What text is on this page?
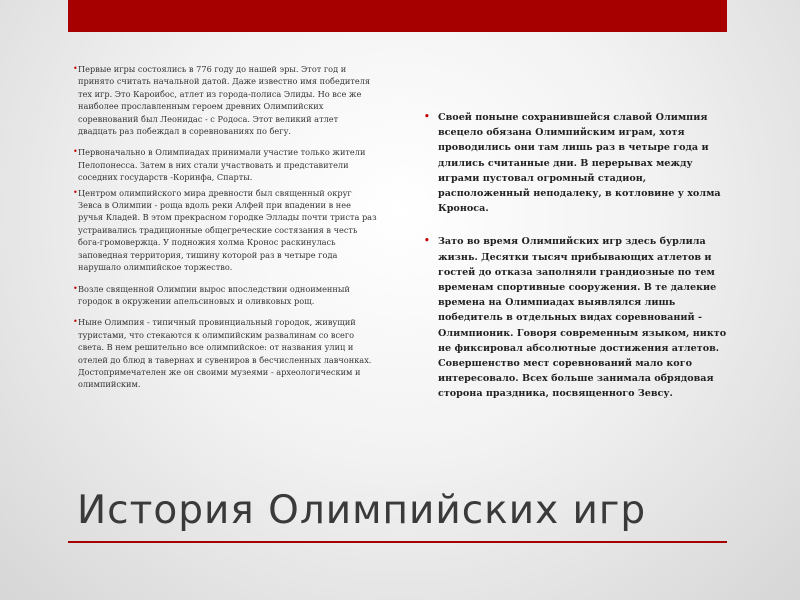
• Первые игры состоялись в 776 году до нашей эры. Этот год и принято считать начальной датой. Даже известно имя победителя тех игр. Это Кароибос, атлет из города-полиса Элиды. Но все же наиболее прославленным героем древних Олимпийских соревнований был Леонидас - с Родоса. Этот великий атлет двадцать раз побеждал в соревнованиях по бегу.

• Первоначально в Олимпиадах принимали участие только жители Пелопонесса. Затем в них стали участвовать и представители соседних государств -Коринфа, Спарты.

• Центром олимпийского мира древности был священный округ Зевса в Олимпии - роща вдоль реки Алфей при впадении в нее ручья Кладей. В этом прекрасном городке Эллады почти триста раз устраивались традиционные общегреческие состязания в честь бога-громовержца. У подножия холма Кронос раскинулась заповедная территория, тишину которой раз в четыре года нарушало олимпийское торжество.

• Возле священной Олимпии вырос впоследствии одноименный городок в окружении апельсиновых и оливковых рощ.

• Ныне Олимпия - типичный провинциальный городок, живущий туристами, что стекаются к олимпийским развалинам со всего света. В нем решительно все олимпийское: от названия улиц и отелей до блюд в тавернах и сувениров в бесчисленных лавчонках. Достопримечателен же он своими музеями - археологическим и олимпийским.

• Своей поныне сохранившейся славой Олимпия всецело обязана Олимпийским играм, хотя проводились они там лишь раз в четыре года и длились считанные дни. В перерывах между играми пустовал огромный стадион, расположенный неподалеку, в котловине у холма Кроноса.

• Зато во время Олимпийских игр здесь бурлила жизнь. Десятки тысяч прибывающих атлетов и гостей до отказа заполняли грандиозные по тем временам спортивные сооружения. В те далекие времена на Олимпиадах выявлялся лишь победитель в отдельных видах соревнований - Олимпионик. Говоря современным языком, никто не фиксировал абсолютные достижения атлетов. Совершенство мест соревнований мало кого интересовало. Всех больше занимала обрядовая сторона праздника, посвященного Зевсу.

История Олимпийских игр
